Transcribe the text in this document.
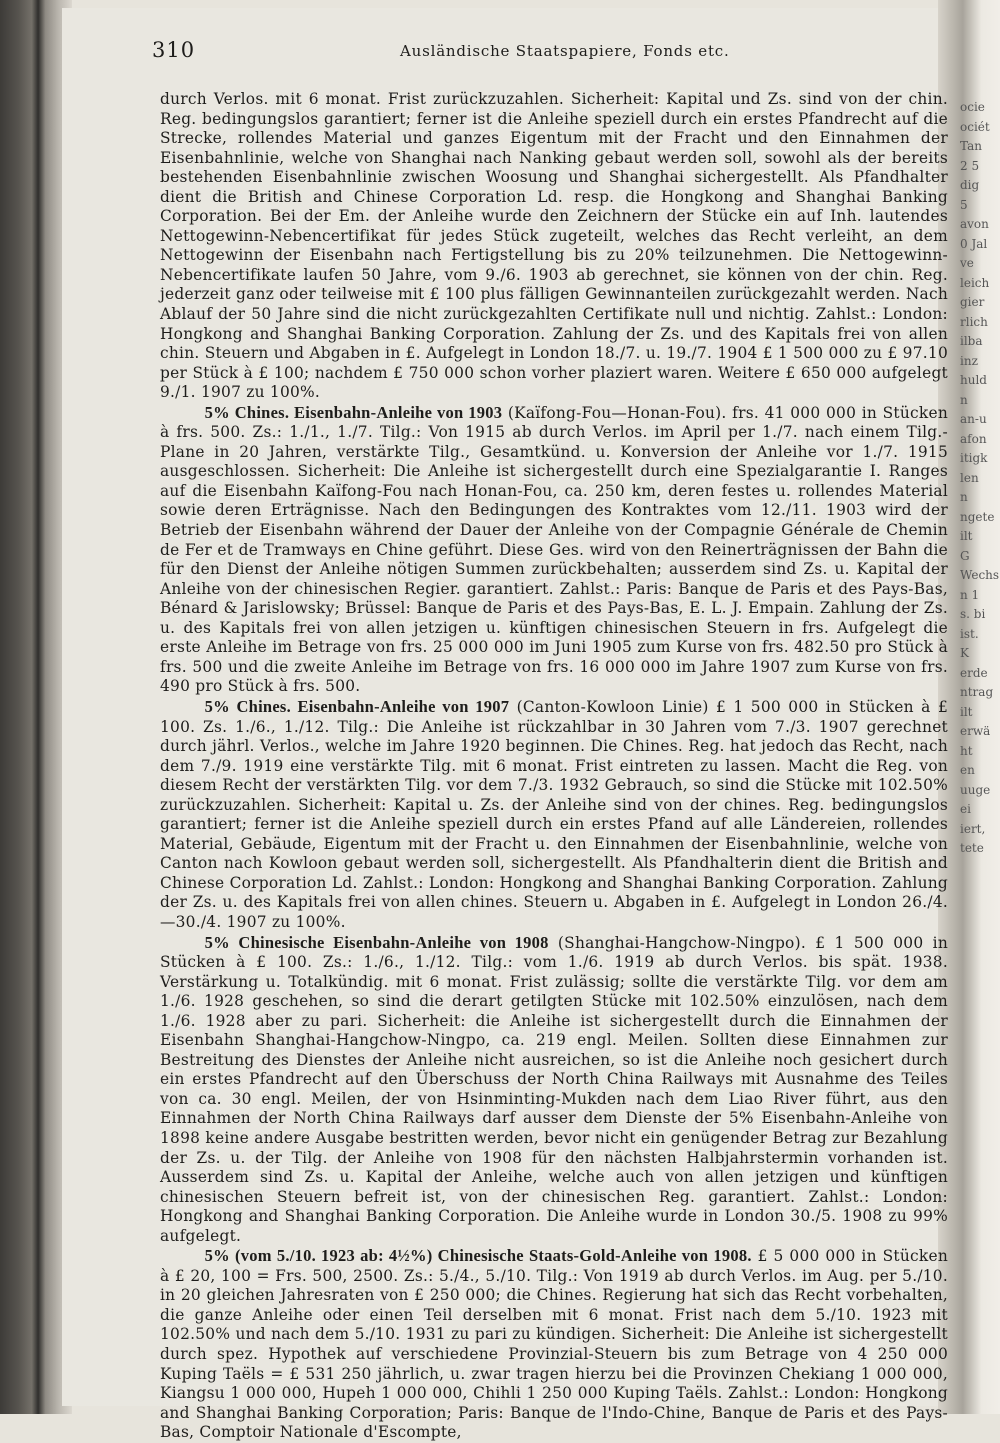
310	Ausländische Staatspapiere, Fonds etc.

durch Verlos. mit 6 monat. Frist zurückzuzahlen. Sicherheit: Kapital und Zs. sind von der chin. Reg. bedingungslos garantiert; ferner ist die Anleihe speziell durch ein erstes Pfandrecht auf die Strecke, rollendes Material und ganzes Eigentum mit der Fracht und den Einnahmen der Eisenbahnlinie, welche von Shanghai nach Nanking gebaut werden soll, sowohl als der bereits bestehenden Eisenbahnlinie zwischen Woosung und Shanghai sichergestellt. Als Pfandhalter dient die British and Chinese Corporation Ld. resp. die Hongkong and Shanghai Banking Corporation. Bei der Em. der Anleihe wurde den Zeichnern der Stücke ein auf Inh. lautendes Nettogewinn-Nebencertifikat für jedes Stück zugeteilt, welches das Recht verleiht, an dem Nettogewinn der Eisenbahn nach Fertigstellung bis zu 20% teilzunehmen. Die Nettogewinn-Nebencertifikate laufen 50 Jahre, vom 9./6. 1903 ab gerechnet, sie können von der chin. Reg. jederzeit ganz oder teilweise mit £ 100 plus fälligen Gewinnanteilen zurückgezahlt werden. Nach Ablauf der 50 Jahre sind die nicht zurückgezahlten Certifikate null und nichtig. Zahlst.: London: Hongkong and Shanghai Banking Corporation. Zahlung der Zs. und des Kapitals frei von allen chin. Steuern und Abgaben in £. Aufgelegt in London 18./7. u. 19./7. 1904 £ 1 500 000 zu £ 97.10 per Stück à £ 100; nachdem £ 750 000 schon vorher plaziert waren. Weitere £ 650 000 aufgelegt 9./1. 1907 zu 100%.

5% Chines. Eisenbahn-Anleihe von 1903 (Kaïfong-Fou—Honan-Fou). frs. 41 000 000 in Stücken à frs. 500. Zs.: 1./1., 1./7. Tilg.: Von 1915 ab durch Verlos. im April per 1./7. nach einem Tilg.-Plane in 20 Jahren, verstärkte Tilg., Gesamtkünd. u. Konversion der Anleihe vor 1./7. 1915 ausgeschlossen. Sicherheit: Die Anleihe ist sichergestellt durch eine Spezialgarantie I. Ranges auf die Eisenbahn Kaïfong-Fou nach Honan-Fou, ca. 250 km, deren festes u. rollendes Material sowie deren Erträgnisse. Nach den Bedingungen des Kontraktes vom 12./11. 1903 wird der Betrieb der Eisenbahn während der Dauer der Anleihe von der Compagnie Générale de Chemin de Fer et de Tramways en Chine geführt. Diese Ges. wird von den Reinerträgnissen der Bahn die für den Dienst der Anleihe nötigen Summen zurückbehalten; ausserdem sind Zs. u. Kapital der Anleihe von der chinesischen Regier. garantiert. Zahlst.: Paris: Banque de Paris et des Pays-Bas, Bénard & Jarislowsky; Brüssel: Banque de Paris et des Pays-Bas, E. L. J. Empain. Zahlung der Zs. u. des Kapitals frei von allen jetzigen u. künftigen chinesischen Steuern in frs. Aufgelegt die erste Anleihe im Betrage von frs. 25 000 000 im Juni 1905 zum Kurse von frs. 482.50 pro Stück à frs. 500 und die zweite Anleihe im Betrage von frs. 16 000 000 im Jahre 1907 zum Kurse von frs. 490 pro Stück à frs. 500.

5% Chines. Eisenbahn-Anleihe von 1907 (Canton-Kowloon Linie) £ 1 500 000 in Stücken à £ 100. Zs. 1./6., 1./12. Tilg.: Die Anleihe ist rückzahlbar in 30 Jahren vom 7./3. 1907 gerechnet durch jährl. Verlos., welche im Jahre 1920 beginnen. Die Chines. Reg. hat jedoch das Recht, nach dem 7./9. 1919 eine verstärkte Tilg. mit 6 monat. Frist eintreten zu lassen. Macht die Reg. von diesem Recht der verstärkten Tilg. vor dem 7./3. 1932 Gebrauch, so sind die Stücke mit 102.50% zurückzuzahlen. Sicherheit: Kapital u. Zs. der Anleihe sind von der chines. Reg. bedingungslos garantiert; ferner ist die Anleihe speziell durch ein erstes Pfand auf alle Ländereien, rollendes Material, Gebäude, Eigentum mit der Fracht u. den Einnahmen der Eisenbahnlinie, welche von Canton nach Kowloon gebaut werden soll, sichergestellt. Als Pfandhalterin dient die British and Chinese Corporation Ld. Zahlst.: London: Hongkong and Shanghai Banking Corporation. Zahlung der Zs. u. des Kapitals frei von allen chines. Steuern u. Abgaben in £. Aufgelegt in London 26./4.—30./4. 1907 zu 100%.

5% Chinesische Eisenbahn-Anleihe von 1908 (Shanghai-Hangchow-Ningpo). £ 1 500 000 in Stücken à £ 100. Zs.: 1./6., 1./12. Tilg.: vom 1./6. 1919 ab durch Verlos. bis spät. 1938. Verstärkung u. Totalkündig. mit 6 monat. Frist zulässig; sollte die verstärkte Tilg. vor dem am 1./6. 1928 geschehen, so sind die derart getilgten Stücke mit 102.50% einzulösen, nach dem 1./6. 1928 aber zu pari. Sicherheit: die Anleihe ist sichergestellt durch die Einnahmen der Eisenbahn Shanghai-Hangchow-Ningpo, ca. 219 engl. Meilen. Sollten diese Einnahmen zur Bestreitung des Dienstes der Anleihe nicht ausreichen, so ist die Anleihe noch gesichert durch ein erstes Pfandrecht auf den Überschuss der North China Railways mit Ausnahme des Teiles von ca. 30 engl. Meilen, der von Hsinminting-Mukden nach dem Liao River führt, aus den Einnahmen der North China Railways darf ausser dem Dienste der 5% Eisenbahn-Anleihe von 1898 keine andere Ausgabe bestritten werden, bevor nicht ein genügender Betrag zur Bezahlung der Zs. u. der Tilg. der Anleihe von 1908 für den nächsten Halbjahrstermin vorhanden ist. Ausserdem sind Zs. u. Kapital der Anleihe, welche auch von allen jetzigen und künftigen chinesischen Steuern befreit ist, von der chinesischen Reg. garantiert. Zahlst.: London: Hongkong and Shanghai Banking Corporation. Die Anleihe wurde in London 30./5. 1908 zu 99% aufgelegt.

5% (vom 5./10. 1923 ab: 4½%) Chinesische Staats-Gold-Anleihe von 1908. £ 5 000 000 in Stücken à £ 20, 100 = Frs. 500, 2500. Zs.: 5./4., 5./10. Tilg.: Von 1919 ab durch Verlos. im Aug. per 5./10. in 20 gleichen Jahresraten von £ 250 000; die Chines. Regierung hat sich das Recht vorbehalten, die ganze Anleihe oder einen Teil derselben mit 6 monat. Frist nach dem 5./10. 1923 mit 102.50% und nach dem 5./10. 1931 zu pari zu kündigen. Sicherheit: Die Anleihe ist sichergestellt durch spez. Hypothek auf verschiedene Provinzial-Steuern bis zum Betrage von 4 250 000 Kuping Taëls = £ 531 250 jährlich, u. zwar tragen hierzu bei die Provinzen Chekiang 1 000 000, Kiangsu 1 000 000, Hupeh 1 000 000, Chihli 1 250 000 Kuping Taëls. Zahlst.: London: Hongkong and Shanghai Banking Corporation; Paris: Banque de l'Indo-Chine, Banque de Paris et des Pays-Bas, Comptoir Nationale d'Escompte,

ocie
ociét
Tan
2 5
dig
5
avon
0 Jal
ve
leich
gier
rlich
ilba
inz
huld
n
an-u
afon
itigk
len
n
ngete
ilt
G
Wechs
n 1
s. bi
ist.
K
erde
ntrag
ilt
erwä
ht
en
uuge
ei
iert,
tete
